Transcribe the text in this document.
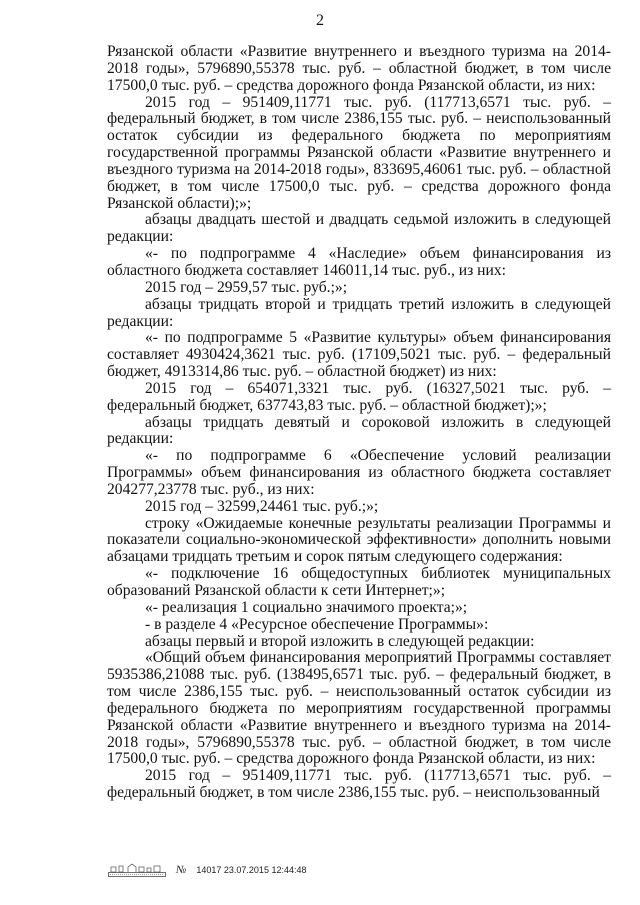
2

Рязанской области «Развитие внутреннего и въездного туризма на 2014-2018 годы», 5796890,55378 тыс. руб. – областной бюджет, в том числе 17500,0 тыс. руб. – средства дорожного фонда Рязанской области, из них:

2015 год – 951409,11771 тыс. руб. (117713,6571 тыс. руб. – федеральный бюджет, в том числе 2386,155 тыс. руб. – неиспользованный остаток субсидии из федерального бюджета по мероприятиям государственной программы Рязанской области «Развитие внутреннего и въездного туризма на 2014-2018 годы», 833695,46061 тыс. руб. – областной бюджет, в том числе 17500,0 тыс. руб. – средства дорожного фонда Рязанской области);»;

абзацы двадцать шестой и двадцать седьмой изложить в следующей редакции:

«- по подпрограмме 4 «Наследие» объем финансирования из областного бюджета составляет 146011,14 тыс. руб., из них:

2015 год – 2959,57 тыс. руб.;»;

абзацы тридцать второй и тридцать третий изложить в следующей редакции:

«- по подпрограмме 5 «Развитие культуры» объем финансирования составляет 4930424,3621 тыс. руб. (17109,5021 тыс. руб. – федеральный бюджет, 4913314,86 тыс. руб. – областной бюджет) из них:

2015 год – 654071,3321 тыс. руб. (16327,5021 тыс. руб. – федеральный бюджет, 637743,83 тыс. руб. – областной бюджет);»;

абзацы тридцать девятый и сороковой изложить в следующей редакции:

«- по подпрограмме 6 «Обеспечение условий реализации Программы» объем финансирования из областного бюджета составляет 204277,23778 тыс. руб., из них:

2015 год – 32599,24461 тыс. руб.;»;

строку «Ожидаемые конечные результаты реализации Программы и показатели социально-экономической эффективности» дополнить новыми абзацами тридцать третьим и сорок пятым следующего содержания:

«- подключение 16 общедоступных библиотек муниципальных образований Рязанской области к сети Интернет;»;

«- реализация 1 социально значимого проекта;»;

- в разделе 4 «Ресурсное обеспечение Программы»:

абзацы первый и второй изложить в следующей редакции:

«Общий объем финансирования мероприятий Программы составляет 5935386,21088 тыс. руб. (138495,6571 тыс. руб. – федеральный бюджет, в том числе 2386,155 тыс. руб. – неиспользованный остаток субсидии из федерального бюджета по мероприятиям государственной программы Рязанской области «Развитие внутреннего и въездного туризма на 2014-2018 годы», 5796890,55378 тыс. руб. – областной бюджет, в том числе 17500,0 тыс. руб. – средства дорожного фонда Рязанской области, из них:

2015 год – 951409,11771 тыс. руб. (117713,6571 тыс. руб. – федеральный бюджет, в том числе 2386,155 тыс. руб. – неиспользованный

№ 14017 23.07.2015 12:44:48
